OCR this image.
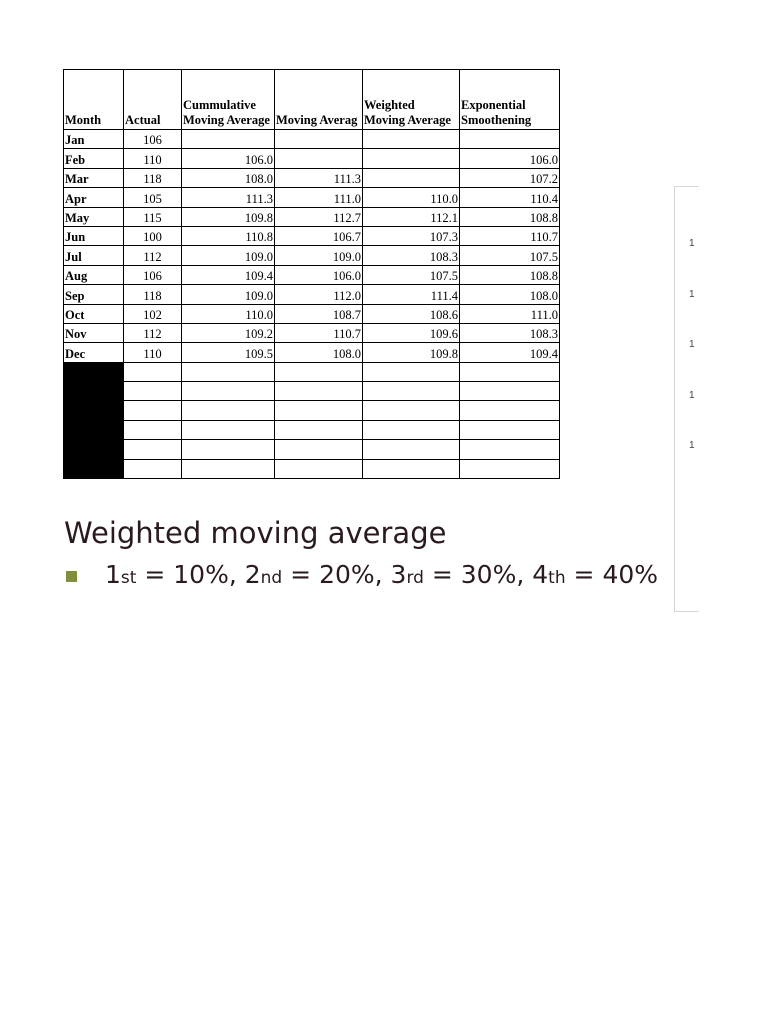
Month	Actual	Cummulative Moving Average	Moving Averag	Weighted Moving Average	Exponential Smoothening
Jan	106				
Feb	110	106.0			106.0
Mar	118	108.0	111.3		107.2
Apr	105	111.3	111.0	110.0	110.4
May	115	109.8	112.7	112.1	108.8
Jun	100	110.8	106.7	107.3	110.7
Jul	112	109.0	109.0	108.3	107.5
Aug	106	109.4	106.0	107.5	108.8
Sep	118	109.0	112.0	111.4	108.0
Oct	102	110.0	108.7	108.6	111.0
Nov	112	109.2	110.7	109.6	108.3
Dec	110	109.5	108.0	109.8	109.4

1
1
1
1
1
Weighted moving average
1st = 10%, 2nd = 20%, 3rd = 30%, 4th = 40%
